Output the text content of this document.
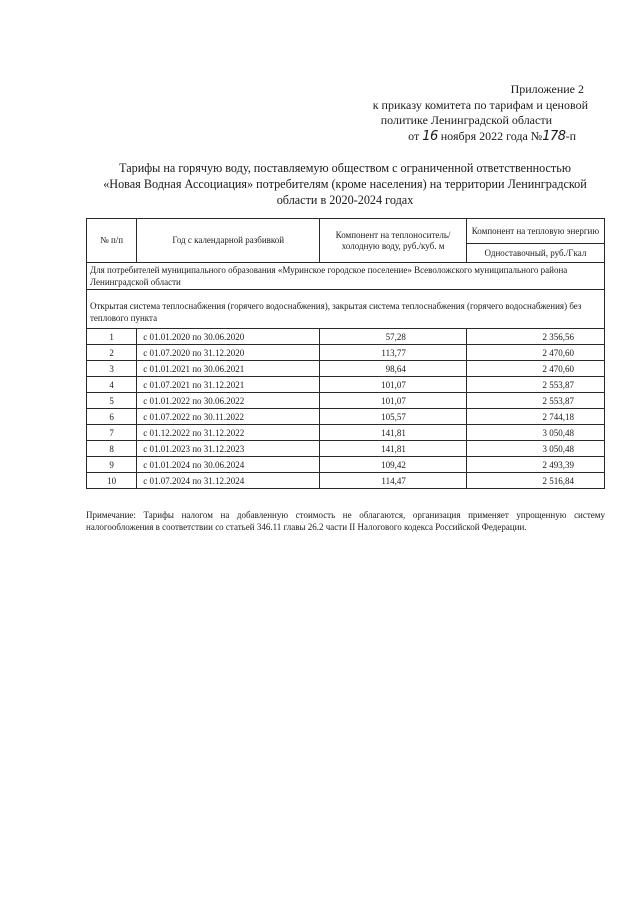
Приложение 2
к приказу комитета по тарифам и ценовой
политике Ленинградской области
от 16 ноября 2022 года №178-п
Тарифы на горячую воду, поставляемую обществом с ограниченной ответственностью
«Новая Водная Ассоциация» потребителям (кроме населения) на территории Ленинградской
области в 2020-2024 годах
№ п/п	Год с календарной разбивкой	Компонент на теплоноситель/ холодную воду, руб./куб. м	Компонент на тепловую энергию
			Одноставочный, руб./Гкал
Для потребителей муниципального образования «Муринское городское поселение» Всеволожского муниципального района Ленинградской области			
Открытая система теплоснабжения (горячего водоснабжения), закрытая система теплоснабжения (горячего водоснабжения) без теплового пункта			
1	с 01.01.2020 по 30.06.2020	57,28	2 356,56
2	с 01.07.2020 по 31.12.2020	113,77	2 470,60
3	с 01.01.2021 по 30.06.2021	98,64	2 470,60
4	с 01.07.2021 по 31.12.2021	101,07	2 553,87
5	с 01.01.2022 по 30.06.2022	101,07	2 553,87
6	с 01.07.2022 по 30.11.2022	105,57	2 744,18
7	с 01.12.2022 по 31.12.2022	141,81	3 050,48
8	с 01.01.2023 по 31.12.2023	141,81	3 050,48
9	с 01.01.2024 по 30.06.2024	109,42	2 493,39
10	с 01.07.2024 по 31.12.2024	114,47	2 516,84
Примечание: Тарифы налогом на добавленную стоимость не облагаются, организация применяет упрощенную систему налогообложения в соответствии со статьей 346.11 главы 26.2 части II Налогового кодекса Российской Федерации.
